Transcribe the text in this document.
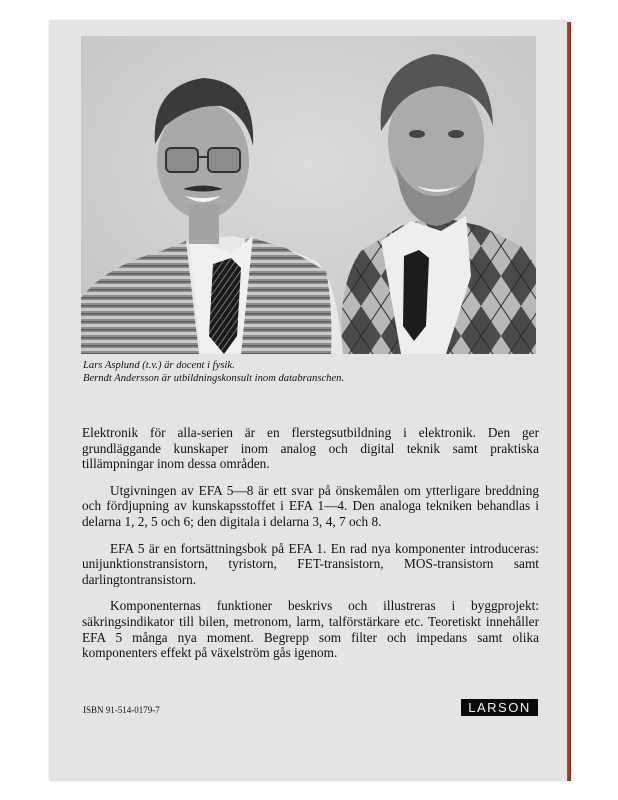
Lars Asplund (t.v.) är docent i fysik.
Berndt Andersson är utbildningskonsult inom databranschen.

Elektronik för alla-serien är en flerstegsutbildning i elektronik. Den ger grundläggande kunskaper inom analog och digital teknik samt praktiska tillämpningar inom dessa områden.

Utgivningen av EFA 5—8 är ett svar på önskemålen om ytterligare breddning och fördjupning av kunskapsstoffet i EFA 1—4. Den analoga tekniken behandlas i delarna 1, 2, 5 och 6; den digitala i delarna 3, 4, 7 och 8.

EFA 5 är en fortsättningsbok på EFA 1. En rad nya komponenter introduceras: unijunktionstransistorn, tyristorn, FET-transistorn, MOS-transistorn samt darlingtontransistorn.

Komponenternas funktioner beskrivs och illustreras i byggprojekt: säkringsindikator till bilen, metronom, larm, talförstärkare etc. Teoretiskt innehåller EFA 5 många nya moment. Begrepp som filter och impedans samt olika komponenters effekt på växelström gås igenom.

ISBN 91-514-0179-7	LARSON
